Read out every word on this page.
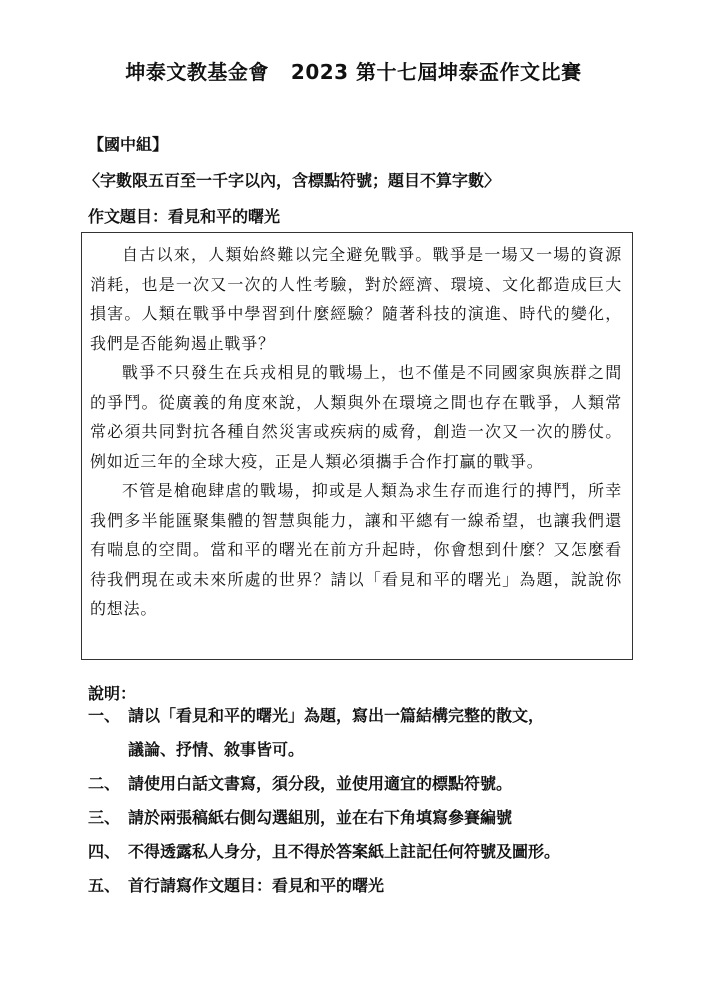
坤泰文教基金會 2023 第十七屆坤泰盃作文比賽
【國中組】
〈字數限五百至一千字以內，含標點符號；題目不算字數〉
作文題目：看見和平的曙光

自古以來，人類始終難以完全避免戰爭。戰爭是一場又一場的資源消耗，也是一次又一次的人性考驗，對於經濟、環境、文化都造成巨大損害。人類在戰爭中學習到什麼經驗？隨著科技的演進、時代的變化，我們是否能夠遏止戰爭？

戰爭不只發生在兵戎相見的戰場上，也不僅是不同國家與族群之間的爭鬥。從廣義的角度來說，人類與外在環境之間也存在戰爭，人類常常必須共同對抗各種自然災害或疾病的威脅，創造一次又一次的勝仗。例如近三年的全球大疫，正是人類必須攜手合作打贏的戰爭。

不管是槍砲肆虐的戰場，抑或是人類為求生存而進行的搏鬥，所幸我們多半能匯聚集體的智慧與能力，讓和平總有一線希望，也讓我們還有喘息的空間。當和平的曙光在前方升起時，你會想到什麼？又怎麼看待我們現在或未來所處的世界？請以「看見和平的曙光」為題，說說你的想法。

說明：
一、 請以「看見和平的曙光」為題，寫出一篇結構完整的散文，
議論、抒情、敘事皆可。
二、 請使用白話文書寫，須分段，並使用適宜的標點符號。
三、 請於兩張稿紙右側勾選組別，並在右下角填寫參賽編號
四、 不得透露私人身分，且不得於答案紙上註記任何符號及圖形。
五、 首行請寫作文題目：看見和平的曙光
